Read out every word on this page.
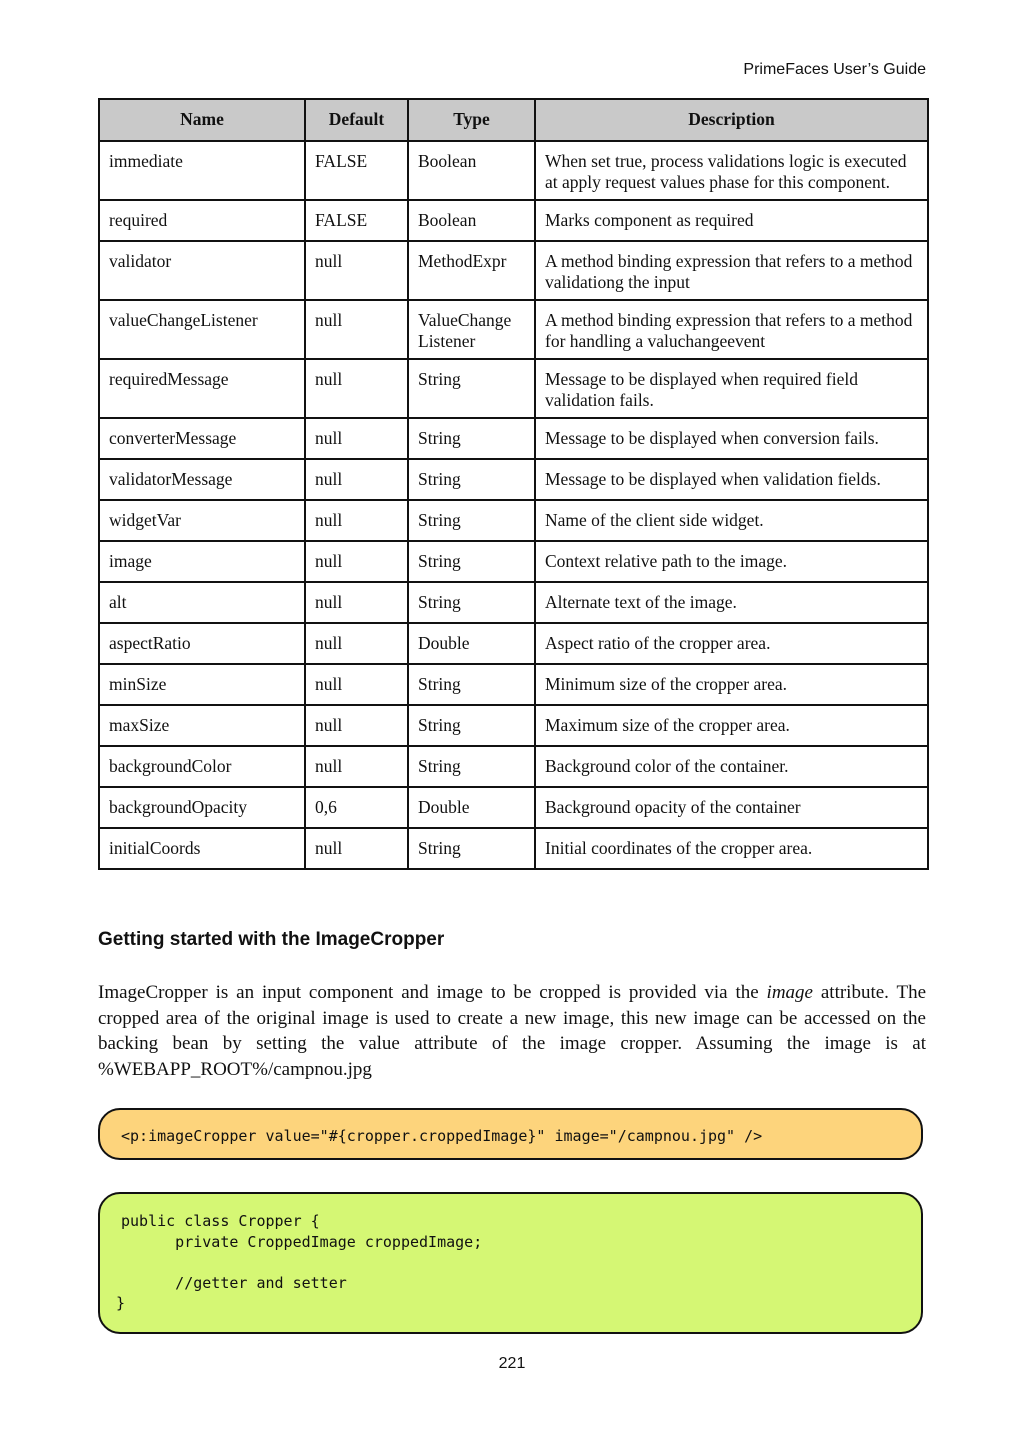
PrimeFaces User’s Guide
Name	Default	Type	Description
immediate	FALSE	Boolean	When set true, process validations logic is executed at apply request values phase for this component.
required	FALSE	Boolean	Marks component as required
validator	null	MethodExpr	A method binding expression that refers to a method validationg the input
valueChangeListener	null	ValueChange Listener	A method binding expression that refers to a method for handling a valuchangeevent
requiredMessage	null	String	Message to be displayed when required field validation fails.
converterMessage	null	String	Message to be displayed when conversion fails.
validatorMessage	null	String	Message to be displayed when validation fields.
widgetVar	null	String	Name of the client side widget.
image	null	String	Context relative path to the image.
alt	null	String	Alternate text of the image.
aspectRatio	null	Double	Aspect ratio of the cropper area.
minSize	null	String	Minimum size of the cropper area.
maxSize	null	String	Maximum size of the cropper area.
backgroundColor	null	String	Background color of the container.
backgroundOpacity	0,6	Double	Background opacity of the container
initialCoords	null	String	Initial coordinates of the cropper area.
Getting started with the ImageCropper

ImageCropper is an input component and image to be cropped is provided via the image attribute. The cropped area of the original image is used to create a new image, this new image can be accessed on the backing bean by setting the value attribute of the image cropper. Assuming the image is at %WEBAPP_ROOT%/campnou.jpg

<p:imageCropper value="#{cropper.croppedImage}" image="/campnou.jpg" />
public class Cropper {
private CroppedImage croppedImage;
//getter and setter
}
221
